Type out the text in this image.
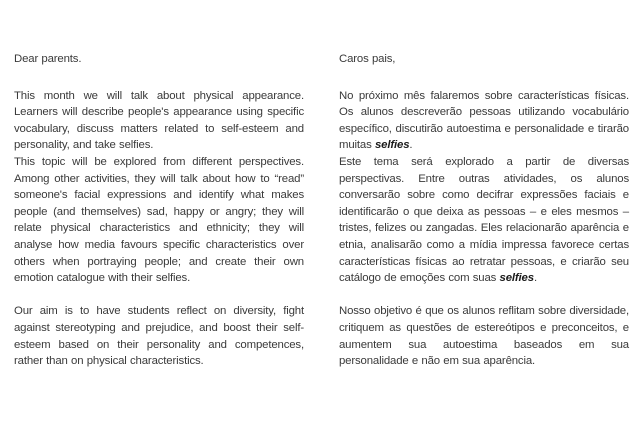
Dear parents.

This month we will talk about physical appearance. Learners will describe people's appearance using specific vocabulary, discuss matters related to self-esteem and personality, and take selfies.

This topic will be explored from different perspectives. Among other activities, they will talk about how to “read” someone's facial expressions and identify what makes people (and themselves) sad, happy or angry; they will relate physical characteristics and ethnicity; they will analyse how media favours specific characteristics over others when portraying people; and create their own emotion catalogue with their selfies.

Our aim is to have students reflect on diversity, fight against stereotyping and prejudice, and boost their self-esteem based on their personality and competences, rather than on physical characteristics.

Caros pais,

No próximo mês falaremos sobre características físicas. Os alunos descreverão pessoas utilizando vocabulário específico, discutirão autoestima e personalidade e tirarão muitas selfies.

Este tema será explorado a partir de diversas perspectivas. Entre outras atividades, os alunos conversarão sobre como decifrar expressões faciais e identificarão o que deixa as pessoas – e eles mesmos – tristes, felizes ou zangadas. Eles relacionarão aparência e etnia, analisarão como a mídia impressa favorece certas características físicas ao retratar pessoas, e criarão seu catálogo de emoções com suas selfies.

Nosso objetivo é que os alunos reflitam sobre diversidade, critiquem as questões de estereótipos e preconceitos, e aumentem sua autoestima baseados em sua personalidade e não em sua aparência.
